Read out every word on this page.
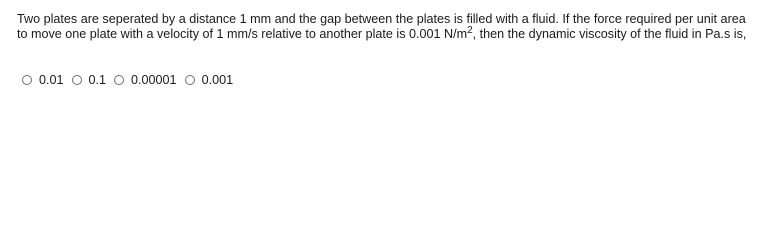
Two plates are seperated by a distance 1 mm and the gap between the plates is filled with a fluid. If the force required per unit area to move one plate with a velocity of 1 mm/s relative to another plate is 0.001 $N/m^2$, then the dynamic viscosity of the fluid in Pa.s is,

0.01 0.1 0.00001 0.001
